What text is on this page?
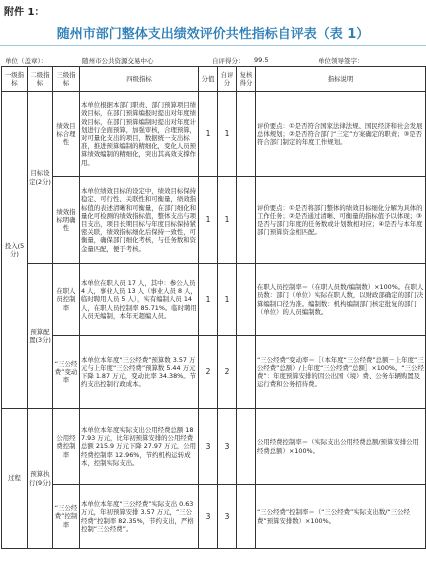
附件 1：
随州市部门整体支出绩效评价共性指标自评表（表 1）
单位（盖章）：	随州市公共资源交易中心	自评得分： 99.5	单位领导签字：
一级指标	二级指标	三级指标	四级指标	分值	自评分	复核得分	指标说明
投入(5分)	目标设定(2分)	绩效目标合理性	本单位根据本部门职责、部门预算项目绩效目标，在部门预算编报时提出对年度绩效目标，在部门预算编制时提出对年度计划进行全面预算，加强审核，合理预算，对可量化支出的项目，数据统一支出标准，推进预算编制的精细化，变化人员预算绩效编制的精细化，突出其高效支撑作用。	1	1		评价要点：①是否符合国家法律法规、国民经济和社会发展总体规划；②是否符合部门“三定”方案确定的职责；③是否符合部门制定的年度工作规划。
		绩效指标明确性	本单位绩效目标的设定中，绩效目标保持稳定、可行性、关联性和可衡量，绩效指标值的表述清晰和可衡量，在部门细化和量化可检测的绩效指标值，整体支出与项目支出，项目长期目标与年度目标保持紧密关联，绩效指标细化后保持一致性，可衡量，确保部门细化考核，与任务数和资金量匹配，便于考核。	1	1		评价要点：①是否将部门整体的绩效目标细化分解为具体的工作任务；②是否通过清晰、可衡量的指标值予以体现；③是否与部门年度的任务数或计划数相对应；④是否与本年度部门预算资金相匹配。
	预算配置(3分)	在职人员控制率	本单位在职人员 17 人，其中：参公人员 4 人，事业人员 13 人（事业人员 8 人，临时聘用人员 5 人），实有编制人员 14 人，在职人员控制率 85.71%。临时聘用人员无编制，本年无超编人员。	1	1		在职人员控制率＝（在职人员数/编制数）×100%。在职人员数：部门（单位）实际在职人数，以财政部确定的部门决算编制口径为准。编制数：机构编制部门核定批复的部门（单位）的人员编制数。
		“三公经费”变动率	本单位本年度“三公经费”预算数 3.57 万元与上年度“三公经费”预算数 5.44 万元下降 1.87 万元，变动比率 34.38%。节约支出控制行政成本。	2	2		“三公经费”变动率＝［（本年度“三公经费”总额－上年度“三公经费”总额）/上年度“三公经费”总额］×100%。“三公经费”：年度预算安排的因公出国（境）费、公务车辆购置及运行费和公务招待费。
过程	预算执行(9分)	公用经费控制率	本单位本年度实际支出公用经费总额 187.93 万元，比年初预算安排的公用经费总额 215.9 万元下降 27.97 万元，公用经费控制率 12.96%，节约机构运转成本，控制实际支出。	3	3		公用经费控制率＝（实际支出公用经费总额/预算安排公用经费总额）×100%。
		“三公经费”控制率	本单位本年度“三公经费”实际支出 0.63 万元，年初预算安排 3.57 万元，“三公经费”控制率 82.35%，节约支出，严格控制“三公经费”。	3	3		“三公经费”控制率＝（“三公经费”实际支出数/“三公经费”预算安排数）×100%。
